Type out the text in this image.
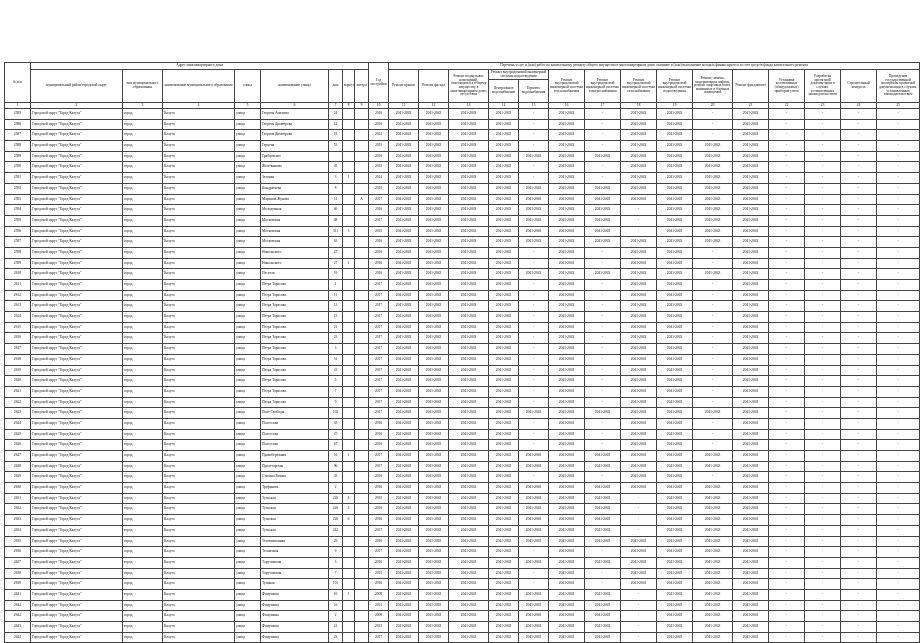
№ п/п	Адрес многоквартирного дома								Год постройки	Перечень услуг и (или) работ по капитальному ремонту общего имущества в многоквартирном доме, оказание и (или) выполнение которых финансируется за счет средств фонда капитального ремонта														
	муниципальный район/городской округ	тип муниципального образования	наименование муниципального образования	улица	наименование улицы	дом	корпус	литера		Ремонт крыши	Ремонт фасада	Ремонт подвальных помещений, относящихся к общему имуществу в многоквартирном доме, отсутствия	Ремонт внутридомовой инженерной системы водоотведения		Ремонт внутридомовой инженерной системы теплоснабжения	Ремонт внутридомовой инженерной системы электроснабжения	Ремонт внутридомовой инженерной системы газоснабжения	Ремонт внутридомовой инженерной системы водоотведения	Ремонт, замена, модернизация лифтов, ремонт лифтовых шахт, машинных и блочных помещений	Ремонт фундамента	Установка коллективных (общедомовых) приборов учета	Разработка проектной документации в случаях, установленных законодательством	Строительный контроль	Проведение государственной экспертизы проектной документации в случаях, установленных законодательством
													Центральное водоснабжение	Горячего водоснабжения										
1	2	3	4	5	6	7	8	9	10	11	12	13	14	15	16	17	18	19	20	21	22	23	24	25
2585	Городской округ "Город Калуга"	город	Калуга	улица	Георгия Амелина	24			2016	2041-2043	2041-2043	2041-2043	2041-2043	-	2041-2043	-	2041-2043	2041-2043	-	2041-2043	-	-	-	-
2586	Городской округ "Город Калуга"	город	Калуга	улица	Георгия Димитрова	12			2016	2041-2043	2041-2043	2041-2043	2041-2043	-	2041-2043	-	2041-2043	2041-2043	-	2041-2043	-	-	-	-
2587	Городской округ "Город Калуга"	город	Калуга	улица	Георгия Димитрова	18			2012	2041-2043	2041-2043	2041-2043	2041-2043	-	2041-2043	-	2041-2043	2041-2043	-	2041-2043	-	-	-	-
2588	Городской округ "Город Калуга"	город	Калуга	улица	Герцена	53			2015	2041-2043	2041-2043	2041-2043	2041-2043	-	2041-2043	-	2041-2043	2041-2043	2041-2043	2041-2043	-	-	-	-
2589	Городской округ "Город Калуга"	город	Калуга	улица	Грабцевское				2016	2041-2043	2041-2043	2041-2043	2041-2043	2041-2043	2041-2043	2041-2043	2041-2043	2041-2043	2041-2043	2041-2043	-	-	-	-
2590	Городской округ "Город Калуга"	город	Калуга	улица	Железнякова	45			2015	2041-2043	2041-2043	2041-2043	2041-2043	-	2041-2043	-	2041-2043	2041-2043	2041-2043	2041-2043	-	-	-	-
2591	Городской округ "Город Калуга"	город	Калуга	улица	Зеленая	3	1		2014	2041-2043	2041-2043	2041-2043	2041-2043	-	2041-2043	-	2041-2043	2041-2043	2041-2043	2041-2043	-	-	-	-
2592	Городской округ "Город Калуга"	город	Калуга	улица	Кондратьева	8			2015	2041-2043	2041-2043	2041-2043	2041-2043	2041-2043	2041-2043	2041-2043	2041-2043	2041-2043	2041-2043	2041-2043	-	-	-	-
2593	Городской округ "Город Калуга"	город	Калуга	улица	Маршала Жукова	12		А	2017	2041-2043	2041-2043	2041-2043	2041-2043	2041-2043	2041-2043	2041-2043	2041-2043	2041-2043	2041-2043	2041-2043	-	-	-	-
2594	Городской округ "Город Калуга"	город	Калуга	улица	Молодежная	46			2016	2041-2043	2041-2043	2041-2043	2041-2043	2041-2043	2041-2043	2041-2043	-	2041-2043	2041-2043	2041-2043	-	-	-	-
2595	Городской округ "Город Калуга"	город	Калуга	улица	Московская	48			2017	2041-2043	2041-2043	2041-2043	2041-2043	2041-2043	2041-2043	2041-2043	-	2041-2043	2041-2043	2041-2043	-	-	-	-
2596	Городской округ "Город Калуга"	город	Калуга	улица	Московская	311	3		2015	2041-2043	2041-2043	2041-2043	2041-2043	2041-2043	2041-2043	2041-2043	-	2041-2043	2041-2043	2041-2043	-	-	-	-
2597	Городской округ "Город Калуга"	город	Калуга	улица	Московская	63			2016	2041-2043	2041-2043	2041-2043	2041-2043	2041-2043	2041-2043	2041-2043	2041-2043	2041-2043	2041-2043	2041-2043	-	-	-	-
2598	Городской округ "Город Калуга"	город	Калуга	улица	Никольского	27			2016	2041-2043	2041-2043	2041-2043	2041-2043	-	2041-2043	-	2041-2043	2041-2043	-	2041-2043	-	-	-	-
2599	Городской округ "Город Калуга"	город	Калуга	улица	Никольского	27	1		2016	2041-2043	2041-2043	2041-2043	2041-2043	-	2041-2043	-	2041-2043	2041-2043	-	2041-2043	-	-	-	-
2610	Городской округ "Город Калуга"	город	Калуга	улица	Пестеля	19			2016	2041-2043	2041-2043	2041-2043	2041-2043	2041-2043	2041-2043	2041-2043	2041-2043	2041-2043	2041-2043	2041-2043	-	-	-	-
2611	Городской округ "Город Калуга"	город	Калуга	улица	Петра Тарасова	1			2017	2041-2043	2041-2043	2041-2043	2041-2043	-	2041-2043	-	2041-2043	2041-2043	-	2041-2043	-	-	-	-
2612	Городской округ "Город Калуга"	город	Калуга	улица	Петра Тарасова	11			2017	2041-2043	2041-2043	2041-2043	2041-2043	-	2041-2043	-	2041-2043	2041-2043	-	2041-2043	-	-	-	-
2613	Городской округ "Город Калуга"	город	Калуга	улица	Петра Тарасова	13			2017	2041-2043	2041-2043	2041-2043	2041-2043	-	2041-2043	-	2041-2043	2041-2043	-	2041-2043	-	-	-	-
2614	Городской округ "Город Калуга"	город	Калуга	улица	Петра Тарасова	15			2017	2041-2043	2041-2043	2041-2043	2041-2043	-	2041-2043	-	2041-2043	2041-2043	-	2041-2043	-	-	-	-
2615	Городской округ "Город Калуга"	город	Калуга	улица	Петра Тарасова	21			2017	2041-2043	2041-2043	2041-2043	2041-2043	-	2041-2043	-	2041-2043	2041-2043	-	2041-2043	-	-	-	-
2616	Городской округ "Город Калуга"	город	Калуга	улица	Петра Тарасова	23			2017	2041-2043	2041-2043	2041-2043	2041-2043	-	2041-2043	-	2041-2043	2041-2043	-	2041-2043	-	-	-	-
2617	Городской округ "Город Калуга"	город	Калуга	улица	Петра Тарасова	3			2017	2041-2043	2041-2043	2041-2043	2041-2043	-	2041-2043	-	2041-2043	2041-2043	-	2041-2043	-	-	-	-
2618	Городской округ "Город Калуга"	город	Калуга	улица	Петра Тарасова	31			2017	2041-2043	2041-2043	2041-2043	2041-2043	-	2041-2043	-	2041-2043	2041-2043	-	2041-2043	-	-	-	-
2619	Городской округ "Город Калуга"	город	Калуга	улица	Петра Тарасова	41			2017	2041-2043	2041-2043	2041-2043	2041-2043	-	2041-2043	-	2041-2043	2041-2043	-	2041-2043	-	-	-	-
2620	Городской округ "Город Калуга"	город	Калуга	улица	Петра Тарасова	5			2017	2041-2043	2041-2043	2041-2043	2041-2043	-	2041-2043	-	2041-2043	2041-2043	-	2041-2043	-	-	-	-
2621	Городской округ "Город Калуга"	город	Калуга	улица	Петра Тарасова	7			2017	2041-2043	2041-2043	2041-2043	2041-2043	-	2041-2043	-	2041-2043	2041-2043	-	2041-2043	-	-	-	-
2622	Городской округ "Город Калуга"	город	Калуга	улица	Петра Тарасова	9			2017	2041-2043	2041-2043	2041-2043	2041-2043	-	2041-2043	-	2041-2043	2041-2043	-	2041-2043	-	-	-	-
2623	Городской округ "Город Калуга"	город	Калуга	улица	Поле Свободы	102			2017	2041-2043	2041-2043	2041-2043	2041-2043	2041-2043	2041-2043	2041-2043	2041-2043	2041-2043	2041-2043	2041-2043	-	-	-	-
2624	Городской округ "Город Калуга"	город	Калуга	улица	Полесская	45			2016	2041-2043	2041-2043	2041-2043	2041-2043	-	2041-2043	-	2041-2043	2041-2043	-	2041-2043	-	-	-	-
2625	Городской округ "Город Калуга"	город	Калуга	улица	Полесская	47			2016	2041-2043	2041-2043	2041-2043	2041-2043	-	2041-2043	-	2041-2043	2041-2043	-	2041-2043	-	-	-	-
2626	Городской округ "Город Калуга"	город	Калуга	улица	Полесская	67			2016	2041-2043	2041-2043	2041-2043	2041-2043	-	2041-2043	-	2041-2043	2041-2043	-	2041-2043	-	-	-	-
2627	Городской округ "Город Калуга"	город	Калуга	улица	Правобережная	16	1		2017	2041-2043	2041-2043	2041-2043	2041-2043	2041-2043	2041-2043	2041-2043	2041-2043	2041-2043	2041-2043	2041-2043	-	-	-	-
2628	Городской округ "Город Калуга"	город	Калуга	улица	Пролетарская	96			2017	2041-2043	2041-2043	2041-2043	2041-2043	2041-2043	2041-2043	2041-2043	2041-2043	2041-2043	2041-2043	2041-2043	-	-	-	-
2629	Городской округ "Город Калуга"	город	Калуга	улица	Степана Разина	35			2016	2041-2043	2041-2043	2041-2043	2041-2043	-	2041-2043	-	2041-2043	2041-2043	-	2041-2043	-	-	-	-
2630	Городской округ "Город Калуга"	город	Калуга	улица	Труфанова	2			2016	2041-2043	2041-2043	2041-2043	2041-2043	2041-2043	2041-2043	2041-2043	2041-2043	2041-2043	2041-2043	2041-2043	-	-	-	-
2631	Городской округ "Город Калуга"	город	Калуга	улица	Тульская	226	4		2015	2041-2043	2041-2043	2041-2043	2041-2043	2041-2043	2041-2043	2041-2043	-	2041-2043	2041-2043	2041-2043	-	-	-	-
2632	Городской округ "Город Калуга"	город	Калуга	улица	Тульская	226	5		2016	2041-2043	2041-2043	2041-2043	2041-2043	2041-2043	2041-2043	2041-2043	-	2041-2043	2041-2043	2041-2043	-	-	-	-
2633	Городской округ "Город Калуга"	город	Калуга	улица	Тульская	226	6		2016	2041-2043	2041-2043	2041-2043	2041-2043	2041-2043	2041-2043	2041-2043	-	2041-2043	2041-2043	2041-2043	-	-	-	-
2634	Городской округ "Город Калуга"	город	Калуга	улица	Тульская	242			2017	2041-2043	2041-2043	2041-2043	2041-2043	2041-2043	2041-2043	2041-2043	-	2041-2043	2041-2043	2041-2043	-	-	-	-
2635	Городской округ "Город Калуга"	город	Калуга	улица	Телевизионная	29			2016	2041-2043	2041-2043	2041-2043	2041-2043	2041-2043	2041-2043	2041-2043	2041-2043	2041-2043	2041-2043	2041-2043	-	-	-	-
2636	Городской округ "Город Калуга"	город	Калуга	улица	Тепличная	9			2017	2041-2043	2041-2043	2041-2043	2041-2043	-	2041-2043	-	2041-2043	2041-2043	2041-2043	2041-2043	-	-	-	-
2637	Городской округ "Город Калуга"	город	Калуга	улица	Тарутинская	3			2016	2041-2043	2041-2043	2041-2043	2041-2043	2041-2043	2041-2043	2041-2043	2041-2043	2041-2043	2041-2043	2041-2043	-	-	-	-
2638	Городской округ "Город Калуга"	город	Калуга	улица	Тарутинская	7			2015	2041-2043	2041-2043	2041-2043	2041-2043	-	2041-2043	-	2041-2043	2041-2043	2041-2043	2041-2043	-	-	-	-
2639	Городской округ "Город Калуга"	город	Калуга	улица	Тулиная	101			2016	2041-2043	2041-2043	2041-2043	2041-2043	-	2041-2043	-	2041-2043	2041-2043	2041-2043	2041-2043	-	-	-	-
2641	Городской округ "Город Калуга"	город	Калуга	улица	Фомушина	10	1		2009	2041-2043	2041-2043	2041-2043	2041-2043	2041-2043	2041-2043	2041-2043	-	2041-2043	2041-2043	2041-2043	-	-	-	-
2642	Городской округ "Город Калуга"	город	Калуга	улица	Фомушина	16			2014	2041-2043	2041-2043	2041-2043	2041-2043	2041-2043	2041-2043	2041-2043	-	2041-2043	2041-2043	2041-2043	-	-	-	-
2642	Городской округ "Город Калуга"	город	Калуга	улица	Фомушина	2			2009	2041-2043	2041-2043	2041-2043	2041-2043	2041-2043	2041-2043	2041-2043	-	2041-2043	2041-2043	2041-2043	-	-	-	-
2643	Городской округ "Город Калуга"	город	Калуга	улица	Фомушина	21			2013	2041-2043	2041-2043	2041-2043	2041-2043	2041-2043	2041-2043	2041-2043	-	2041-2043	2041-2043	2041-2043	-	-	-	-
2644	Городской округ "Город Калуга"	город	Калуга	улица	Фомушина	23			2017	2041-2043	2041-2043	2041-2043	2041-2043	2041-2043	2041-2043	2041-2043	-	2041-2043	2041-2043	2041-2043	-	-	-	-
